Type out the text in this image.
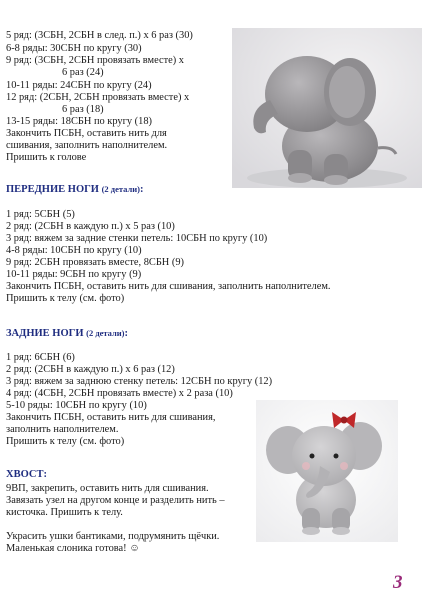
5 ряд: (3СБН, 2СБН в след. п.) х 6 раз (30)
6-8 ряды: 30СБН по кругу (30)
9 ряд: (3СБН, 2СБН провязать вместе) х
6 раз (24)
10-11 ряды: 24СБН по кругу (24)
12 ряд: (2СБН, 2СБН провязать вместе) х
6 раз (18)
13-15 ряды: 18СБН по кругу (18)
Закончить ПСБН, оставить нить для
сшивания, заполнить наполнителем.
Пришить к голове
ПЕРЕДНИЕ НОГИ (2 детали):
1 ряд: 5СБН (5)
2 ряд: (2СБН в каждую п.) х 5 раз (10)
3 ряд: вяжем за задние стенки петель: 10СБН по кругу (10)
4-8 ряды: 10СБН по кругу (10)
9 ряд: 2СБН провязать вместе, 8СБН (9)
10-11 ряды: 9СБН по кругу (9)
Закончить ПСБН, оставить нить для сшивания, заполнить наполнителем.
Пришить к телу (см. фото)
ЗАДНИЕ НОГИ (2 детали):
1 ряд: 6СБН (6)
2 ряд: (2СБН в каждую п.) х 6 раз (12)
3 ряд: вяжем за заднюю стенку петель: 12СБН по кругу (12)
4 ряд: (4СБН, 2СБН провязать вместе) х 2 раза (10)
5-10 ряды: 10СБН по кругу (10)
Закончить ПСБН, оставить нить для сшивания,
заполнить наполнителем.
Пришить к телу (см. фото)
ХВОСТ:
9ВП, закрепить, оставить нить для сшивания.
Завязать узел на другом конце и разделить нить –
кисточка. Пришить к телу.
Украсить ушки бантиками, подрумянить щёчки.
Маленькая слоника готова! ☺
3
